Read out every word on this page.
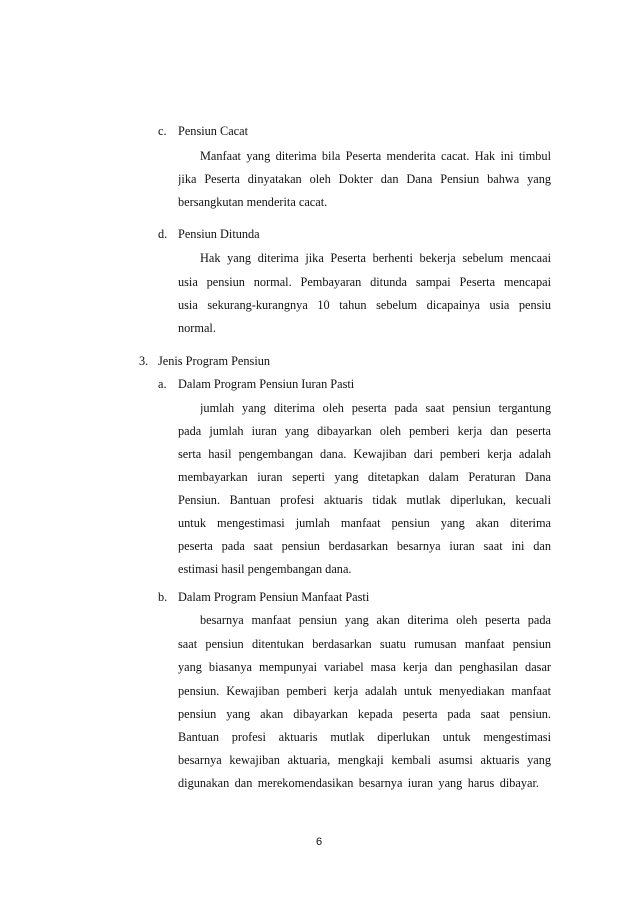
c. Pensiun Cacat
Manfaat yang diterima bila Peserta menderita cacat. Hak ini timbul
jika Peserta dinyatakan oleh Dokter dan Dana Pensiun bahwa yang
bersangkutan menderita cacat.
d. Pensiun Ditunda
Hak yang diterima jika Peserta berhenti bekerja sebelum mencaai
usia pensiun normal. Pembayaran ditunda sampai Peserta mencapai
usia sekurang-kurangnya 10 tahun sebelum dicapainya usia pensiu
normal.
3. Jenis Program Pensiun
a. Dalam Program Pensiun Iuran Pasti
jumlah yang diterima oleh peserta pada saat pensiun tergantung
pada jumlah iuran yang dibayarkan oleh pemberi kerja dan peserta
serta hasil pengembangan dana. Kewajiban dari pemberi kerja adalah
membayarkan iuran seperti yang ditetapkan dalam Peraturan Dana
Pensiun. Bantuan profesi aktuaris tidak mutlak diperlukan, kecuali
untuk mengestimasi jumlah manfaat pensiun yang akan diterima
peserta pada saat pensiun berdasarkan besarnya iuran saat ini dan
estimasi hasil pengembangan dana.
b. Dalam Program Pensiun Manfaat Pasti
besarnya manfaat pensiun yang akan diterima oleh peserta pada
saat pensiun ditentukan berdasarkan suatu rumusan manfaat pensiun
yang biasanya mempunyai variabel masa kerja dan penghasilan dasar
pensiun. Kewajiban pemberi kerja adalah untuk menyediakan manfaat
pensiun yang akan dibayarkan kepada peserta pada saat pensiun.
Bantuan profesi aktuaris mutlak diperlukan untuk mengestimasi
besarnya kewajiban aktuaria, mengkaji kembali asumsi aktuaris yang
digunakan dan merekomendasikan besarnya iuran yang harus dibayar.
6
